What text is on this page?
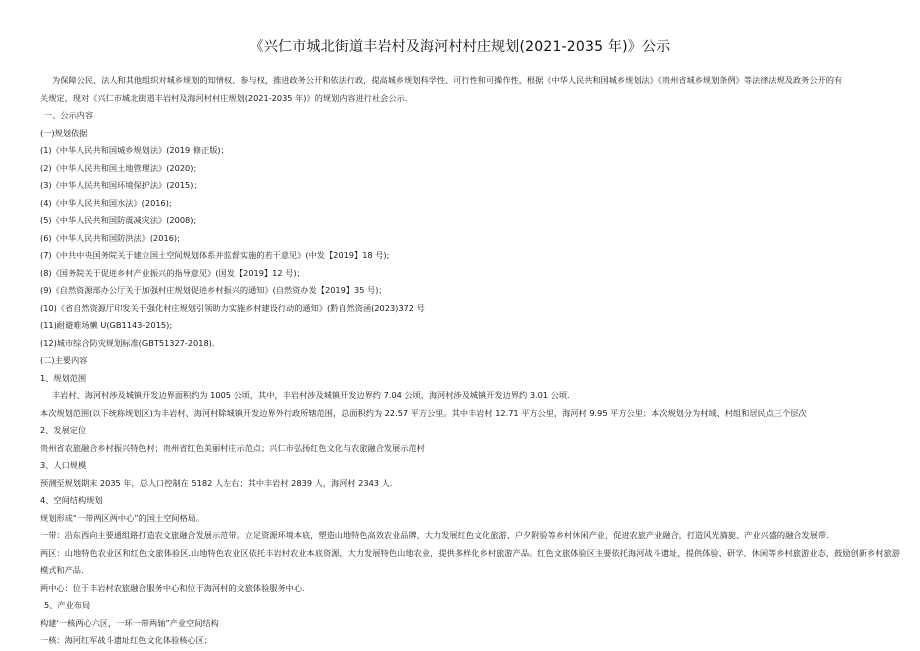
《兴仁市城北街道丰岩村及海河村村庄规划(2021-2035 年)》公示
为保障公民、法人和其他组织对城乡规划的知情权、参与权，推进政务公开和依法行政，提高城乡规划科学性、可行性和可操作性，根据《中华人民共和国城乡规划法》《贵州省城乡规划条例》等法律法规及政务公开的有
关规定，现对《兴仁市城北街道丰岩村及海河村村庄规划(2021-2035 年)》的规划内容进行社会公示.
一、公示内容
(一)规划依据
(1)《中华人民共和国城乡规划法》(2019 修正版)；
(2)《中华人民共和国土地管理法》(2020);
(3)《中华人民共和国环境保护法》(2015)；
(4)《中华人民共和国水法》(2016);
(5)《中华人民共和国防震减灾法》(2008);
(6)《中华人民共和国防洪法》(2016);
(7)《中共中央国务院关于建立国土空间规划体系并监督实施的若干意见》(中发【2019】18 号);
(8)《国务院关于促进乡村产业振兴的指导意见》(国发【2019】12 号)；
(9)《自然资源部办公厅关于加强村庄规划促进乡村振兴的通知》(自然资办发【2019】35 号)；
(10)《省自然资源厅印发关于强化村庄规划引领助力实施乡村建设行动的通知》(黔自然资函(2023)372 号
(11)耐避难场懒 U(GB1143-2015);
(12)城市综合防灾规划标准(GBT51327-2018).
(二)主要内容
1、规划范围
丰岩村、海河村涉及城镇开发边界面积约为 1005 公顷，其中，丰岩村涉及城镇开发边界约 7.04 公顷，海河村涉及城镇开发边界约 3.01 公顷.
本次规划范围(以下统称规划区)为丰岩村、海河村除城镇开发边界外行政所辖范围，总面积约为 22.57 平方公里。其中丰岩村 12.71 平方公里，海河村 9.95 平方公里；本次规划分为村域、村组和居民点三个层次
2、发展定位
贵州省农旅融合乡村振兴特色村；贵州省红色美丽村庄示范点；兴仁市弘扬红色文化与农旅融合发展示范村
3、人口规模
预测至规划期末 2035 年，总人口控制在 5182 人左右；其中丰岩村 2839 人，海河村 2343 人.
4、空间结构规划
规划形成“一带两区两中心”的国土空间格局。
一带：沿东西向主要通组路打造农文旅融合发展示范带。立足资源环境本底，塑造山地特色高效农业品牌，大力发展红色文化旅游、户夕附验等乡村休闲产业，促进农旅产业融合，打造风光旖旎、产业兴盛的融合发展带.
两区：山地特色农业区和红色文旅体验区.山地特色农业区依托丰岩村农业本底资源，大力发展特色山地农业，提供多样化乡村旅游产品。红色文旅体验区主要依托海河战斗遗址，提供体验、研学、休闲等乡村旅游业态，鼓励创新乡村旅游模式和产品.
两中心：位于丰岩村农旅融合服务中心和位于海河村的文旅体验服务中心.
5、产业布局
构建‘一核两心六区，一环一带两轴”产业空间结构
一核：海河红军战斗遗址红色文化体验核心区；
